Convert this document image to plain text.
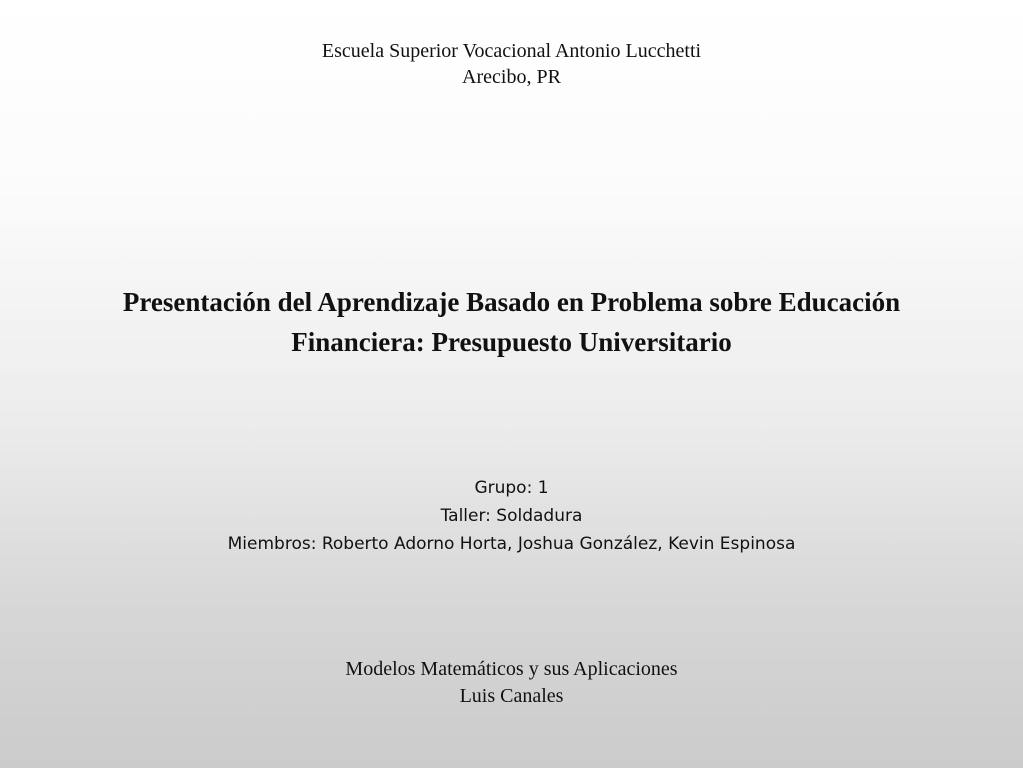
Escuela Superior Vocacional Antonio Lucchetti
Arecibo, PR
Presentación del Aprendizaje Basado en Problema sobre Educación
Financiera: Presupuesto Universitario
Grupo: 1
Taller: Soldadura
Miembros: Roberto Adorno Horta, Joshua González, Kevin Espinosa
Modelos Matemáticos y sus Aplicaciones
Luis Canales
